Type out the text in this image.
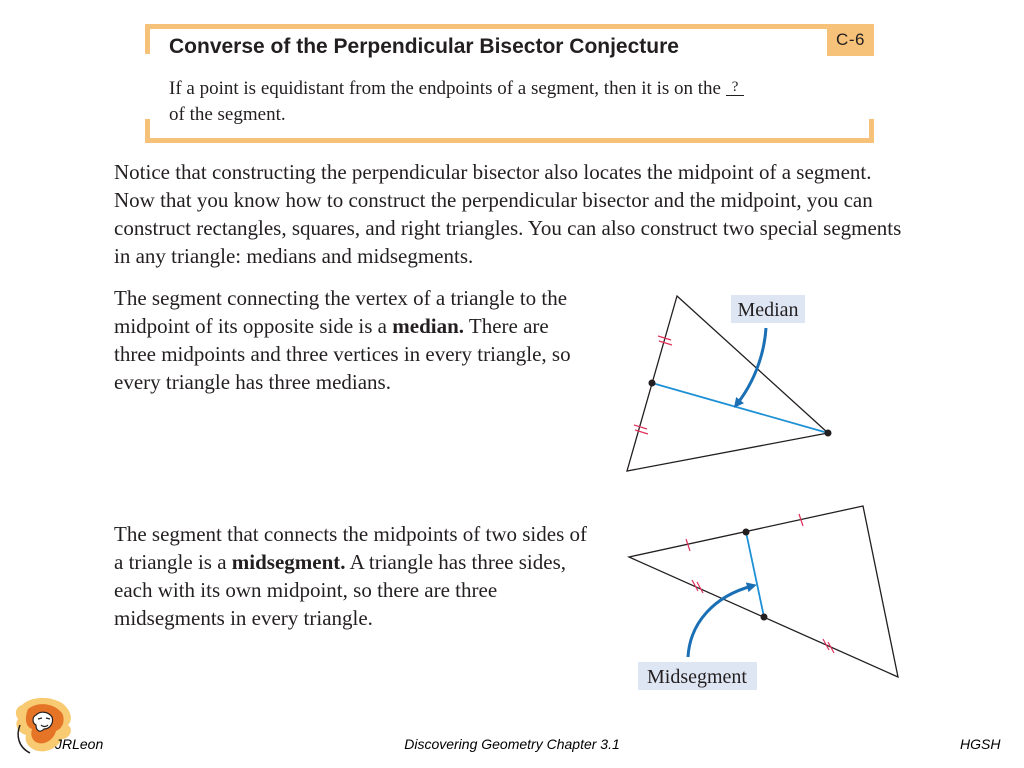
C-6
Converse of the Perpendicular Bisector Conjecture
If a point is equidistant from the endpoints of a segment, then it is on the ?
of the segment.
Notice that constructing the perpendicular bisector also locates the midpoint of a segment. Now that you know how to construct the perpendicular bisector and the midpoint, you can construct rectangles, squares, and right triangles. You can also construct two special segments in any triangle: medians and midsegments.
The segment connecting the vertex of a triangle to the midpoint of its opposite side is a median. There are three midpoints and three vertices in every triangle, so every triangle has three medians.
The segment that connects the midpoints of two sides of a triangle is a midsegment. A triangle has three sides, each with its own midpoint, so there are three midsegments in every triangle.
Median
Midsegment
JRLeon	Discovering Geometry Chapter 3.1	HGSH
